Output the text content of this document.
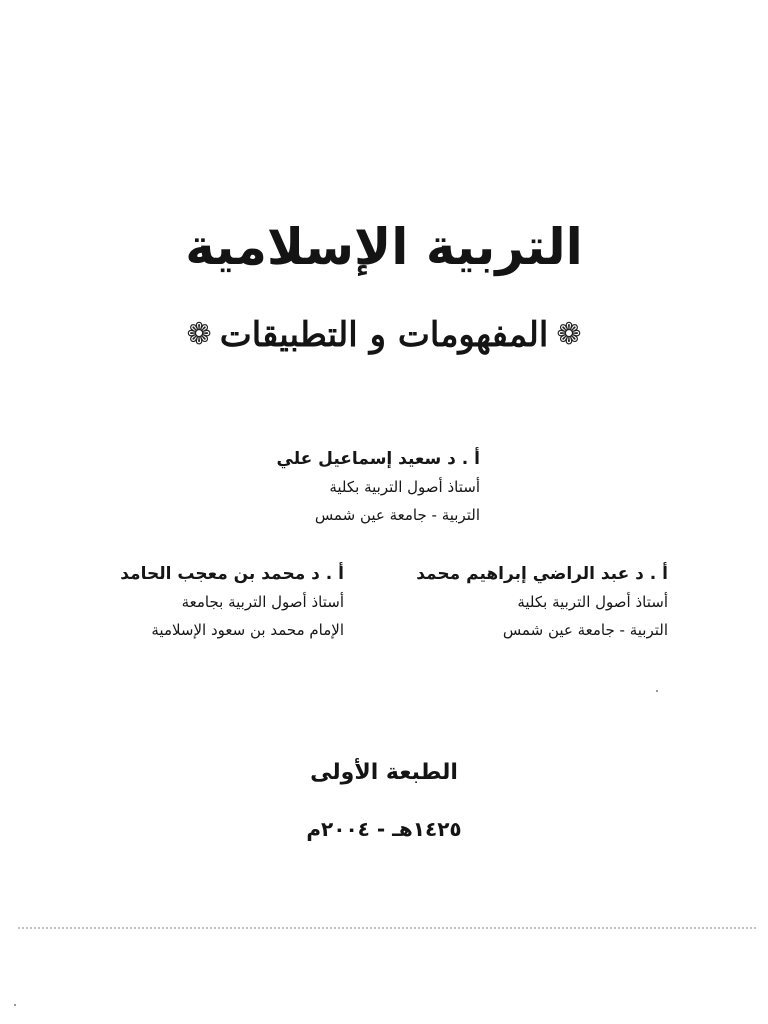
التربية الإسلامية
❁
المفهومات و التطبيقات
❁
أ . د سعيد إسماعيل علي
أستاذ أصول التربية بكلية
التربية - جامعة عين شمس
أ . د عبد الراضي إبراهيم محمد
أستاذ أصول التربية بكلية
التربية - جامعة عين شمس
أ . د محمد بن معجب الحامد
أستاذ أصول التربية بجامعة
الإمام محمد بن سعود الإسلامية
الطبعة الأولى
١٤٢٥هـ - ٢٠٠٤م
